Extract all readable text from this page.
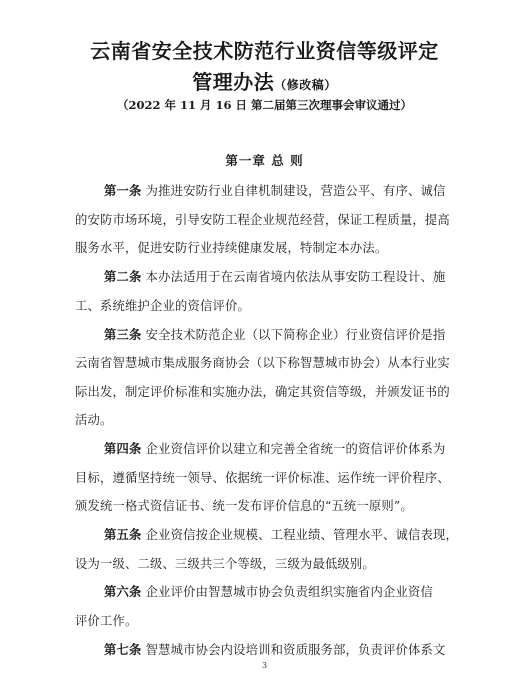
云南省安全技术防范行业资信等级评定
管理办法（修改稿）
（2022 年 11 月 16 日 第二届第三次理事会审议通过）
第一章 总 则
第一条 为推进安防行业自律机制建设，营造公平、有序、诚信
的安防市场环境，引导安防工程企业规范经营，保证工程质量，提高
服务水平，促进安防行业持续健康发展，特制定本办法。
第二条 本办法适用于在云南省境内依法从事安防工程设计、施
工、系统维护企业的资信评价。
第三条 安全技术防范企业（以下简称企业）行业资信评价是指
云南省智慧城市集成服务商协会（以下称智慧城市协会）从本行业实
际出发，制定评价标准和实施办法，确定其资信等级，并颁发证书的
活动。
第四条 企业资信评价以建立和完善全省统一的资信评价体系为
目标，遵循坚持统一领导、依据统一评价标准、运作统一评价程序、
颁发统一格式资信证书、统一发布评价信息的“五统一原则”。
第五条 企业资信按企业规模、工程业绩、管理水平、诚信表现，
设为一级、二级、三级共三个等级，三级为最低级别。
第六条 企业评价由智慧城市协会负责组织实施省内企业资信
评价工作。
第七条 智慧城市协会内设培训和资质服务部，负责评价体系文
3
